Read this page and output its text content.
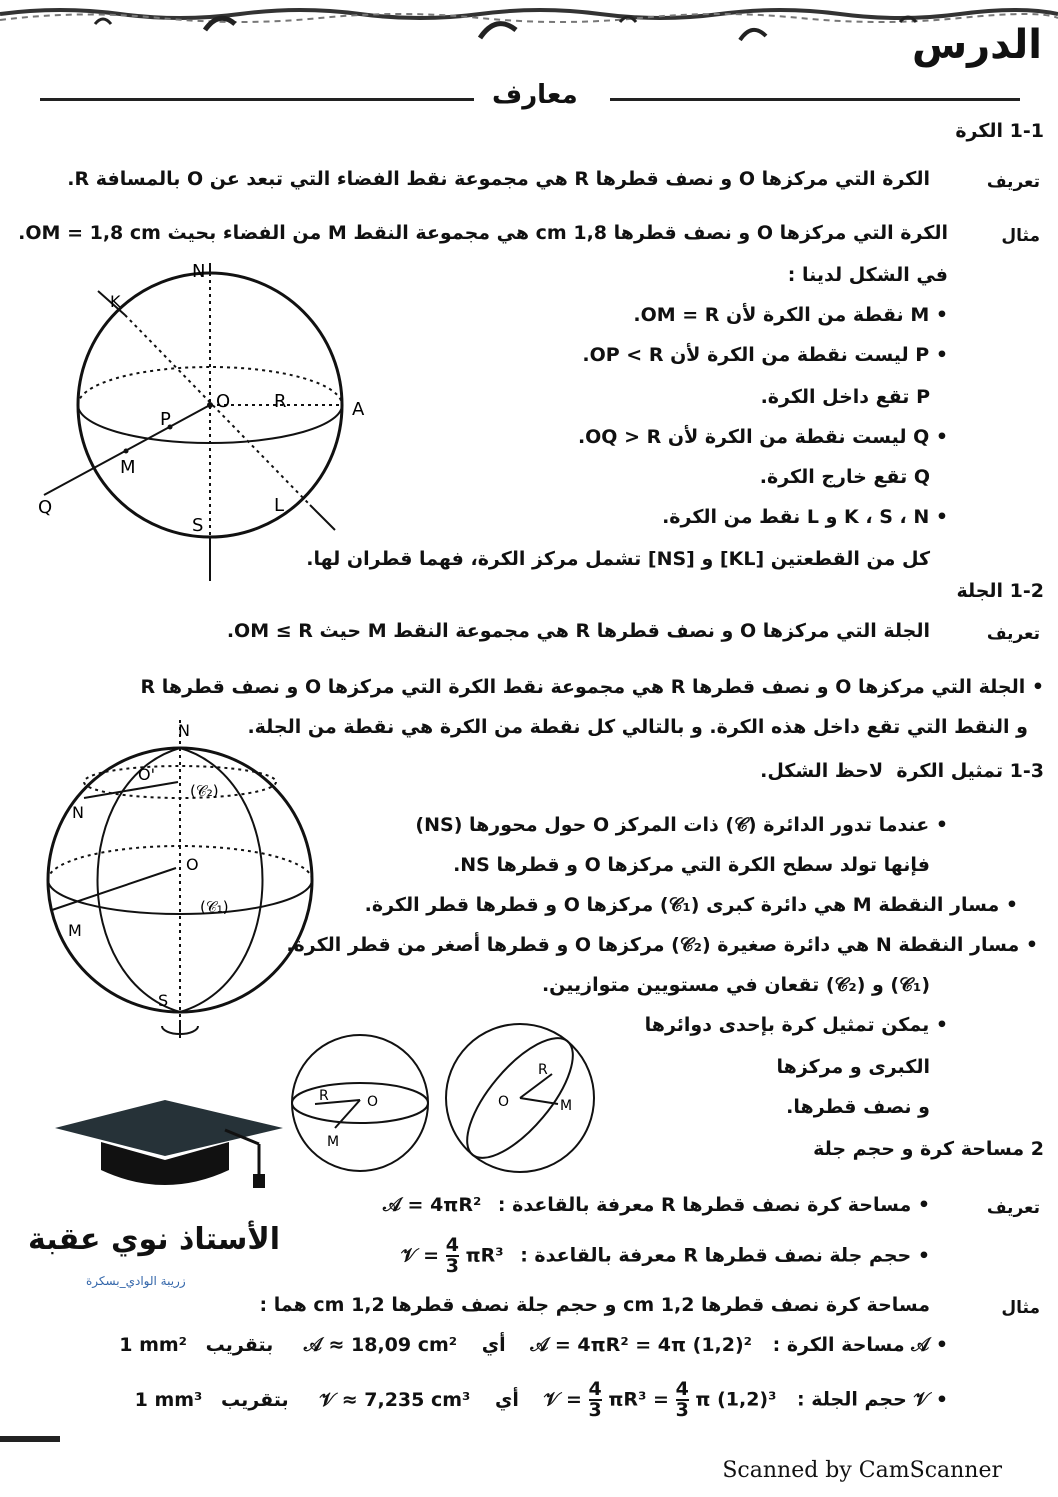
الدرس
معارف
1-1 الكرة
تعريف
الكرة التي مركزها O و نصف قطرها R هي مجموعة نقط الفضاء التي تبعد عن O بالمسافة R.
مثال
الكرة التي مركزها O و نصف قطرها 1,8 cm هي مجموعة النقط M من الفضاء بحيث OM = 1,8 cm.
في الشكل لدينا :
• M نقطة من الكرة لأن OM = R.
• P ليست نقطة من الكرة لأن OP < R.
P تقع داخل الكرة.
• Q ليست نقطة من الكرة لأن OQ > R.
Q تقع خارج الكرة.
• K ، S ، N و L نقط من الكرة.
كل من القطعتين [KL] و [NS] تشمل مركز الكرة، فهما قطران لها.
N
K
O R	A
P
M
Q
S
L
1-2 الجلة
تعريف
الجلة التي مركزها O و نصف قطرها R هي مجموعة النقط M حيث OM ≤ R.
• الجلة التي مركزها O و نصف قطرها R هي مجموعة نقط الكرة التي مركزها O و نصف قطرها R
و النقط التي تقع داخل هذه الكرة. و بالتالي كل نقطة من الكرة هي نقطة من الجلة.
1-3 تمثيل الكرة  لاحظ الشكل.
• عندما تدور الدائرة (𝒞) ذات المركز O حول محورها (NS)
فإنها تولد سطح الكرة التي مركزها O و قطرها NS.
• مسار النقطة M هي دائرة كبرى (𝒞₁) مركزها O و قطرها قطر الكرة.
• مسار النقطة N هي دائرة صغيرة (𝒞₂) مركزها O و قطرها أصغر من قطر الكرة.
(𝒞₁) و (𝒞₂) تقعان في مستويين متوازيين.
• يمكن تمثيل كرة بإحدى دوائرها
الكبرى و مركزها
و نصف قطرها.
N
O'
(𝒞₂)
N
O
(𝒞₁)
M
S
R	O
M
R
O	M
الأستاذ نوي عقبة
زريبة الوادي_بسكرة
2 مساحة كرة و حجم جلة
تعريف
• مساحة كرة نصف قطرها R معرفة بالقاعدة : 𝒜 = 4πR²
• حجم جلة نصف قطرها R معرفة بالقاعدة : 𝒱 = $\frac{4}{3} \pi R^3$
مثال
مساحة كرة نصف قطرها 1,2 cm و حجم جلة نصف قطرها 1,2 cm هما :
• 𝒜 مساحة الكرة : 𝒜 = 4πR² = 4π (1,2)² أي 𝒜 ≈ 18,09 cm² بتقريب 1 mm²
• 𝒱 حجم الجلة : 𝒱 = $\frac{4}{3} \pi R^3 = \frac{4}{3}$ π (1,2)³ أي 𝒱 ≈ 7,235 cm³ بتقريب 1 mm³
Scanned by CamScanner
